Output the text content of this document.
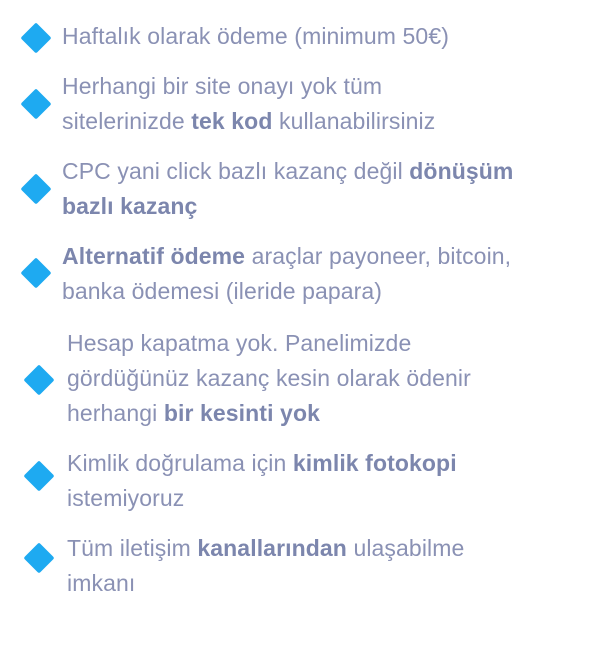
Haftalık olarak ödeme (minimum 50€)
Herhangi bir site onayı yok tüm
sitelerinizde tek kod kullanabilirsiniz
CPC yani click bazlı kazanç değil dönüşüm
bazlı kazanç
Alternatif ödeme araçlar payoneer, bitcoin,
banka ödemesi (ileride papara)
Hesap kapatma yok. Panelimizde
gördüğünüz kazanç kesin olarak ödenir
herhangi bir kesinti yok
Kimlik doğrulama için kimlik fotokopi
istemiyoruz
Tüm iletişim kanallarından ulaşabilme
imkanı
